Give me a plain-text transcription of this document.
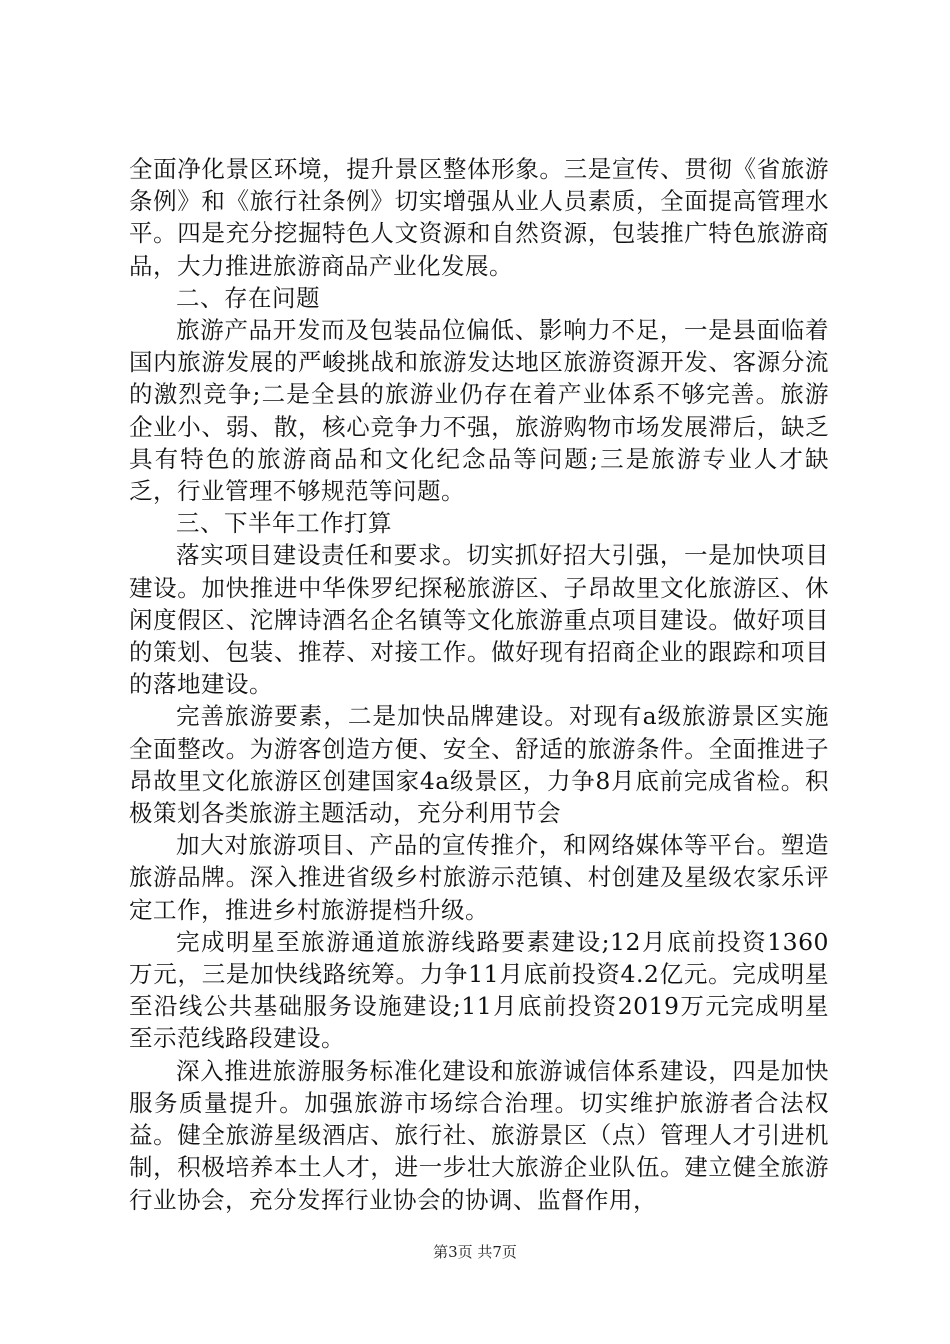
全面净化景区环境，提升景区整体形象。三是宣传、贯彻《省旅游条例》和《旅行社条例》切实增强从业人员素质，全面提高管理水平。四是充分挖掘特色人文资源和自然资源，包装推广特色旅游商品，大力推进旅游商品产业化发展。

二、存在问题

旅游产品开发而及包装品位偏低、影响力不足，一是县面临着国内旅游发展的严峻挑战和旅游发达地区旅游资源开发、客源分流的激烈竞争;二是全县的旅游业仍存在着产业体系不够完善。旅游企业小、弱、散，核心竞争力不强，旅游购物市场发展滞后，缺乏具有特色的旅游商品和文化纪念品等问题;三是旅游专业人才缺乏，行业管理不够规范等问题。

三、下半年工作打算

落实项目建设责任和要求。切实抓好招大引强，一是加快项目建设。加快推进中华侏罗纪探秘旅游区、子昂故里文化旅游区、休闲度假区、沱牌诗酒名企名镇等文化旅游重点项目建设。做好项目的策划、包装、推荐、对接工作。做好现有招商企业的跟踪和项目的落地建设。

完善旅游要素，二是加快品牌建设。对现有a级旅游景区实施全面整改。为游客创造方便、安全、舒适的旅游条件。全面推进子昂故里文化旅游区创建国家4a级景区，力争8月底前完成省检。积极策划各类旅游主题活动，充分利用节会

加大对旅游项目、产品的宣传推介，和网络媒体等平台。塑造旅游品牌。深入推进省级乡村旅游示范镇、村创建及星级农家乐评定工作，推进乡村旅游提档升级。

完成明星至旅游通道旅游线路要素建设;12月底前投资1360万元，三是加快线路统筹。力争11月底前投资4.2亿元。完成明星至沿线公共基础服务设施建设;11月底前投资2019万元完成明星至示范线路段建设。

深入推进旅游服务标准化建设和旅游诚信体系建设，四是加快服务质量提升。加强旅游市场综合治理。切实维护旅游者合法权益。健全旅游星级酒店、旅行社、旅游景区（点）管理人才引进机制，积极培养本土人才，进一步壮大旅游企业队伍。建立健全旅游行业协会，充分发挥行业协会的协调、监督作用，

第3页 共7页
